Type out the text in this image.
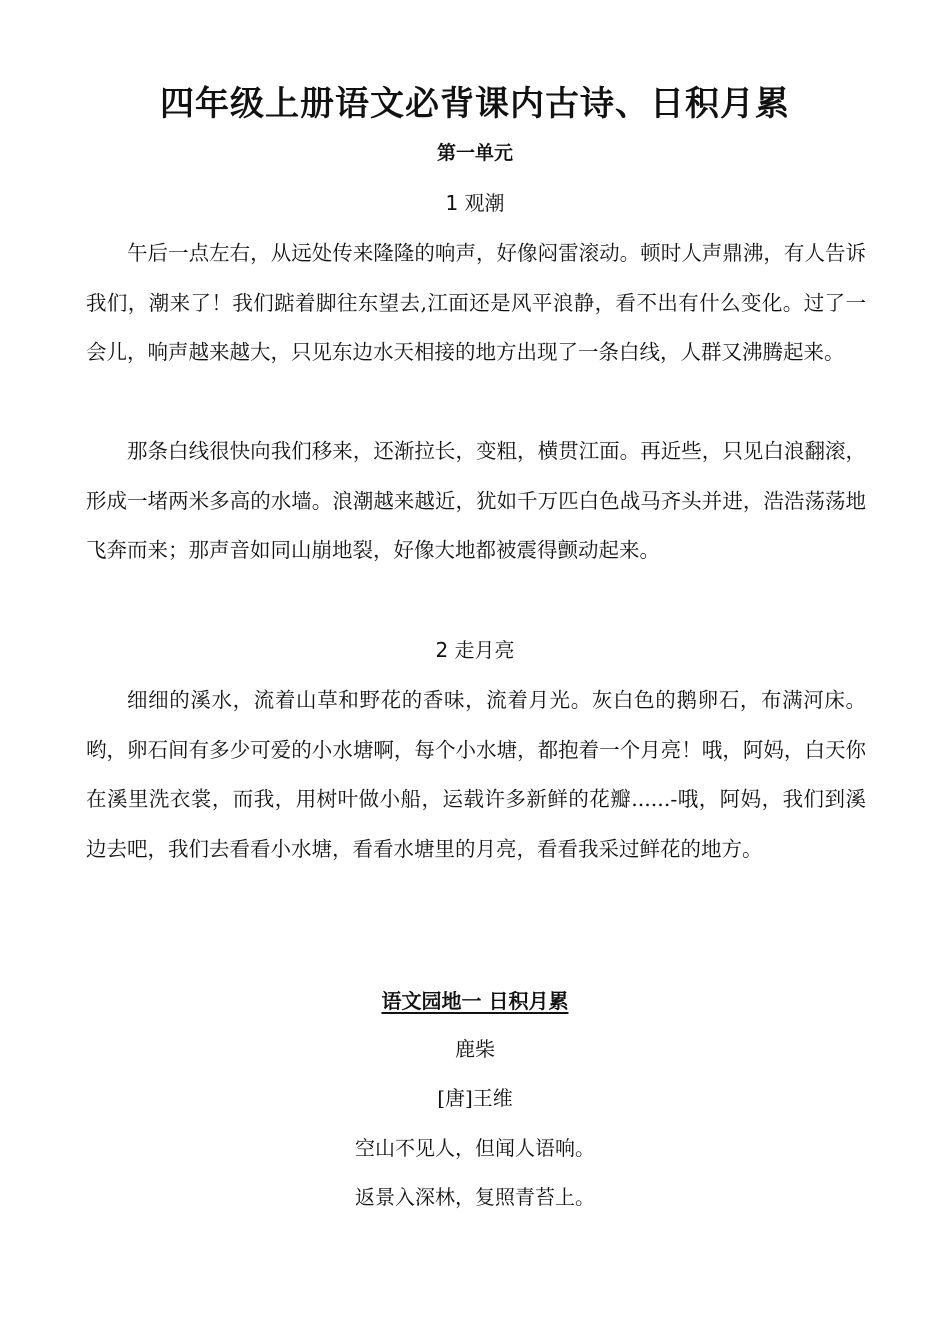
四年级上册语文必背课内古诗、日积月累

第一单元

1 观潮

午后一点左右，从远处传来隆隆的响声，好像闷雷滚动。顿时人声鼎沸，有人告诉我们，潮来了！我们踮着脚往东望去,江面还是风平浪静，看不出有什么变化。过了一会儿，响声越来越大，只见东边水天相接的地方出现了一条白线，人群又沸腾起来。

那条白线很快向我们移来，还渐拉长，变粗，横贯江面。再近些，只见白浪翻滚，形成一堵两米多高的水墙。浪潮越来越近，犹如千万匹白色战马齐头并进，浩浩荡荡地飞奔而来；那声音如同山崩地裂，好像大地都被震得颤动起来。

2 走月亮

细细的溪水，流着山草和野花的香味，流着月光。灰白色的鹅卵石，布满河床。哟，卵石间有多少可爱的小水塘啊，每个小水塘，都抱着一个月亮！哦，阿妈，白天你在溪里洗衣裳，而我，用树叶做小船，运载许多新鲜的花瓣......-哦，阿妈，我们到溪边去吧，我们去看看小水塘，看看水塘里的月亮，看看我采过鲜花的地方。

语文园地一 日积月累

鹿柴

[唐]王维

空山不见人，但闻人语响。

返景入深林，复照青苔上。
